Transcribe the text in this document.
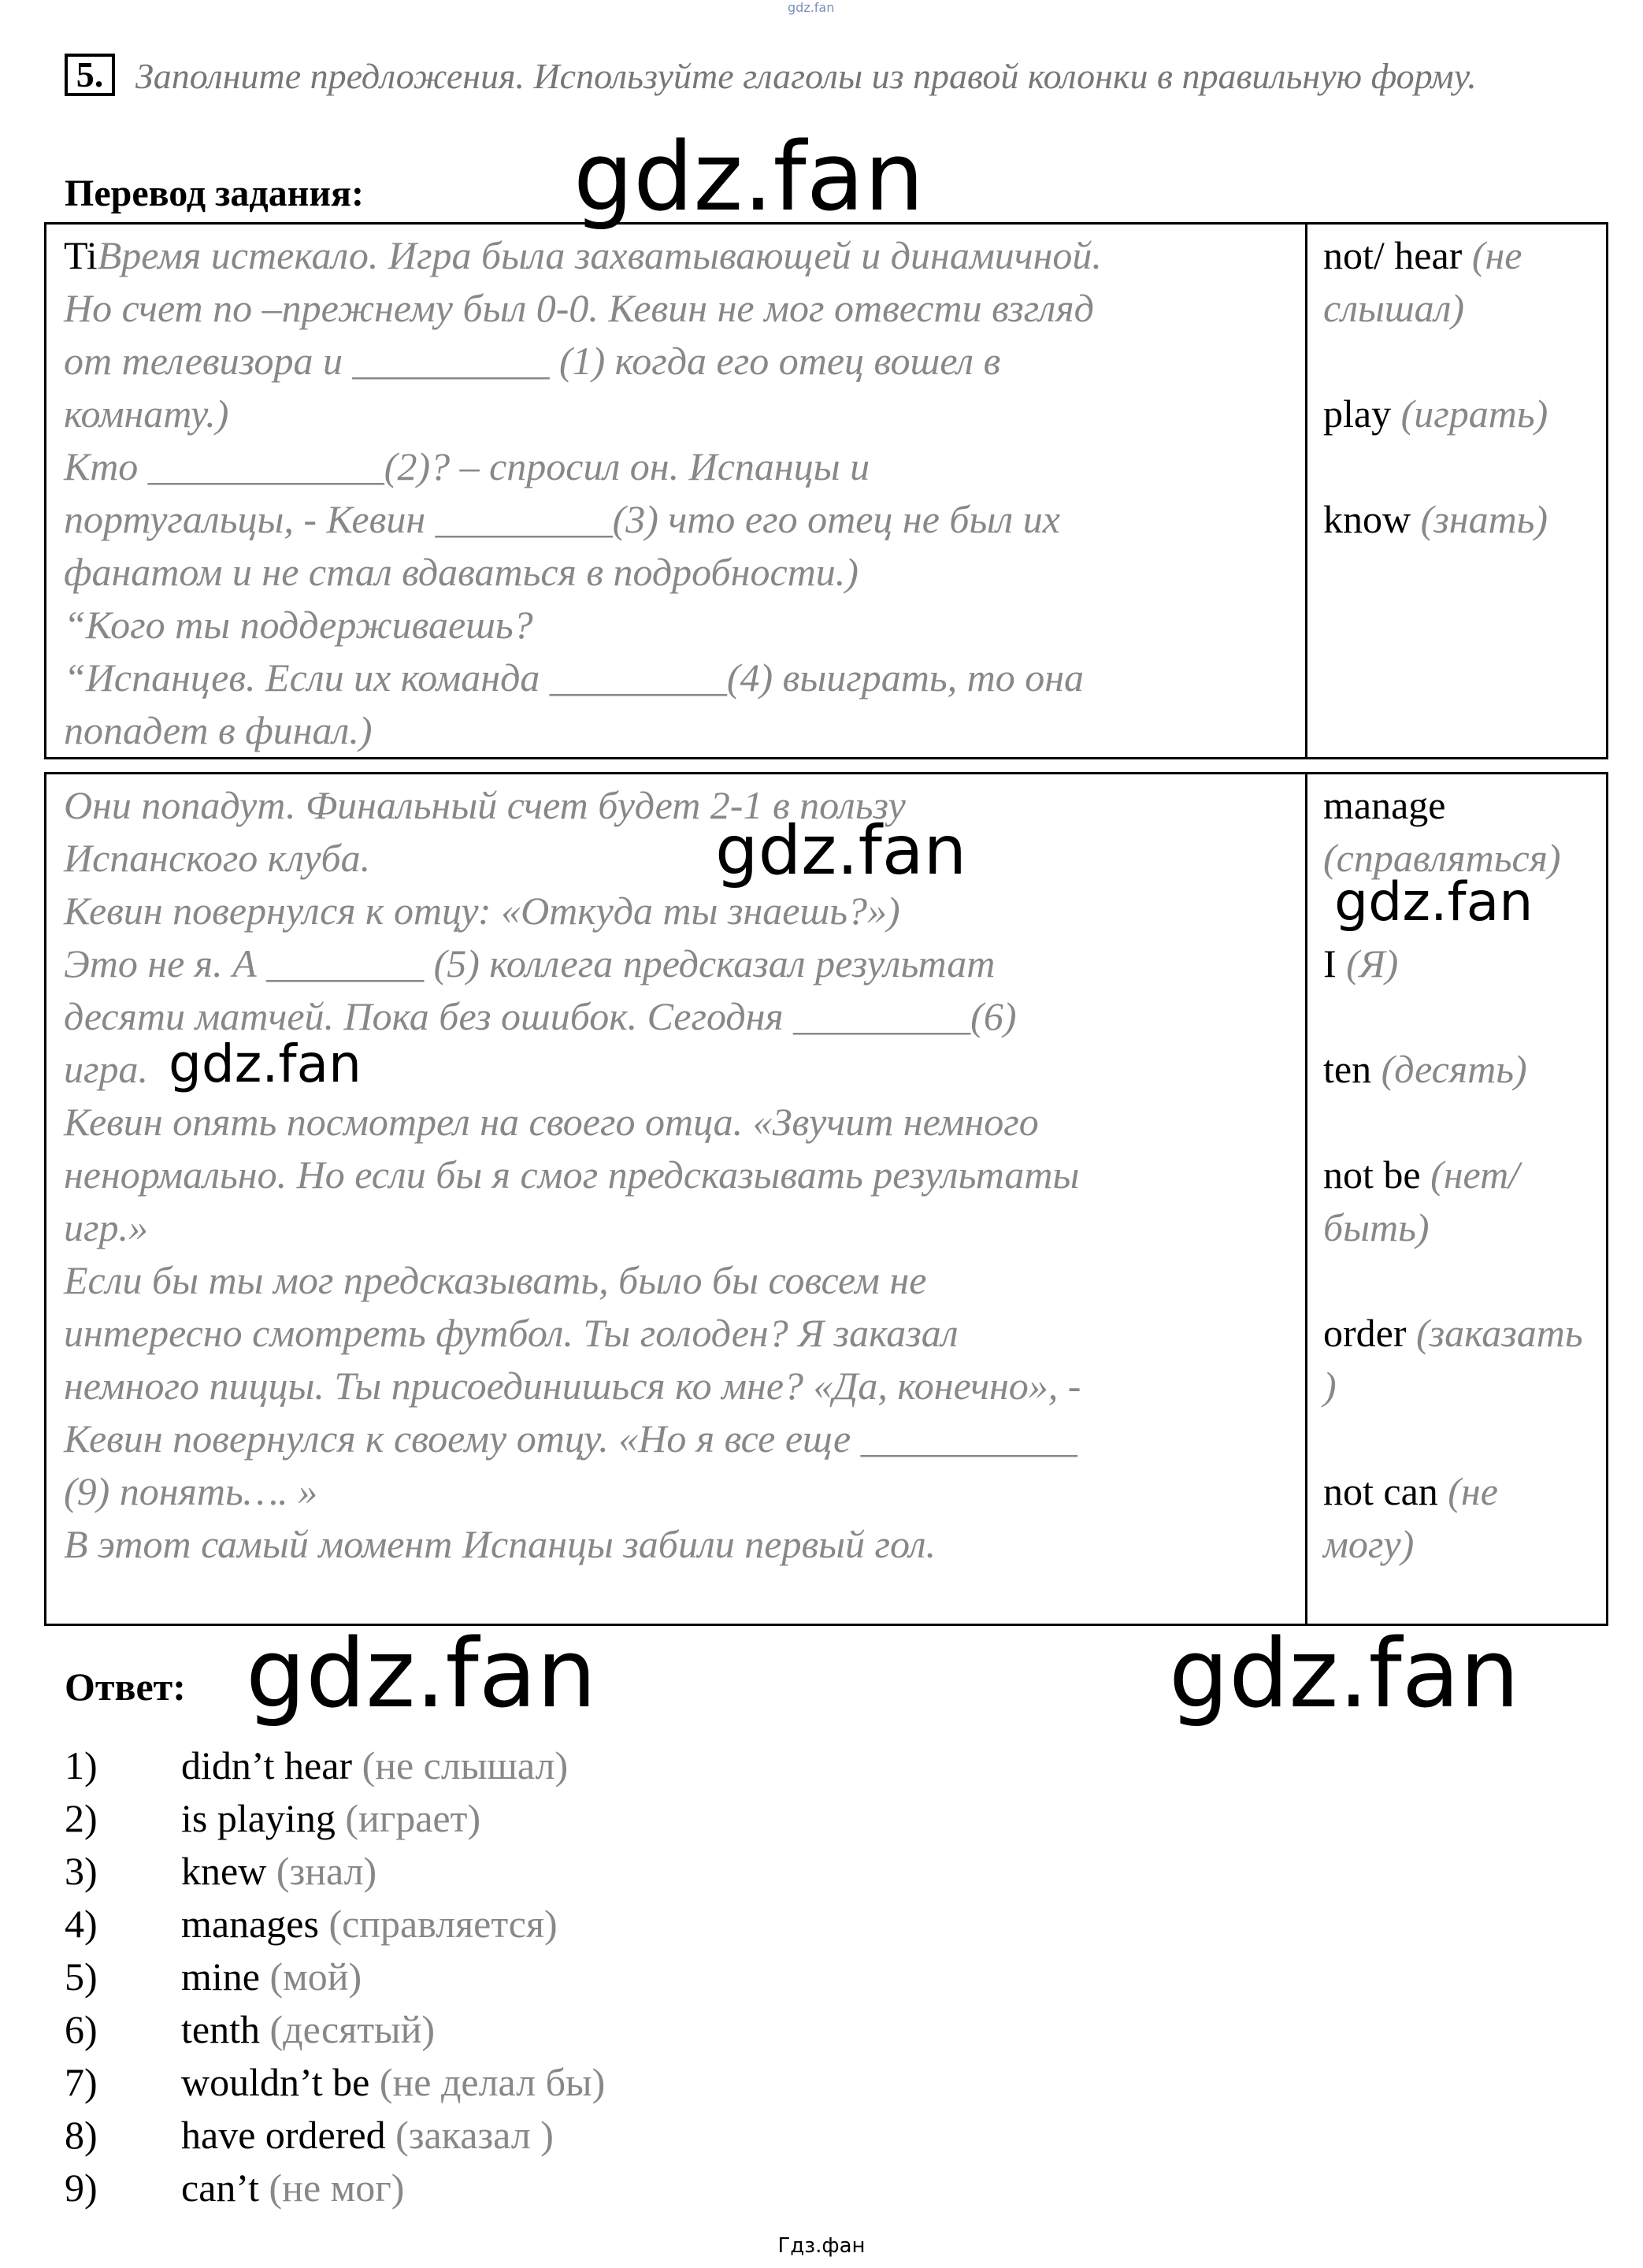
gdz.fan
Заполните предложения. Используйте глаголы из правой колонки в правильную форму.
5.
Перевод задания: gdz.fan
TiВремя истекало. Игра была захватывающей и динамичной.
Но счет по –прежнему был 0-0. Кевин не мог отвести взгляд
от телевизора и __________ (1) когда его отец вошел в
комнату.)
Кто ____________(2)? – спросил он. Испанцы и
португальцы, - Кевин _________(3) что его отец не был их
фанатом и не стал вдаваться в подробности.)
“Кого ты поддерживаешь?
“Испанцев. Если их команда _________(4) выиграть, то она
попадет в финал.)

not/ hear (не слышал)
play (играть)
know (знать)
Они попадут. Финальный счет будет 2-1 в пользу
Испанского клуба.
Кевин повернулся к отцу: «Откуда ты знаешь?»)
Это не я. А ________ (5) коллега предсказал результат
десяти матчей. Пока без ошибок. Сегодня _________(6)
игра.
Кевин опять посмотрел на своего отца. «Звучит немного
ненормально. Но если бы я смог предсказывать результаты
игр.»
Если бы ты мог предсказывать, было бы совсем не
интересно смотреть футбол. Ты голоден? Я заказал
немного пиццы. Ты присоединишься ко мне? «Да, конечно», -
Кевин повернулся к своему отцу. «Но я все еще ___________
(9) понять…. »
В этот самый момент Испанцы забили первый гол.

manage (справляться)
I (Я)
ten (десять)
not be (нет/ быть)
order (заказать )
not can (не могу)
gdz.fan
gdz.fan
gdz.fan
Ответ: gdz.fan	gdz.fan
1)	didn’t hear (не слышал)
2)	is playing (играет)
3)	knew (знал)
4)	manages (справляется)
5)	mine (мой)
6)	tenth (десятый)
7)	wouldn’t be (не делал бы)
8)	have ordered (заказал )
9)	can’t (не мог)
Гдз.фан
